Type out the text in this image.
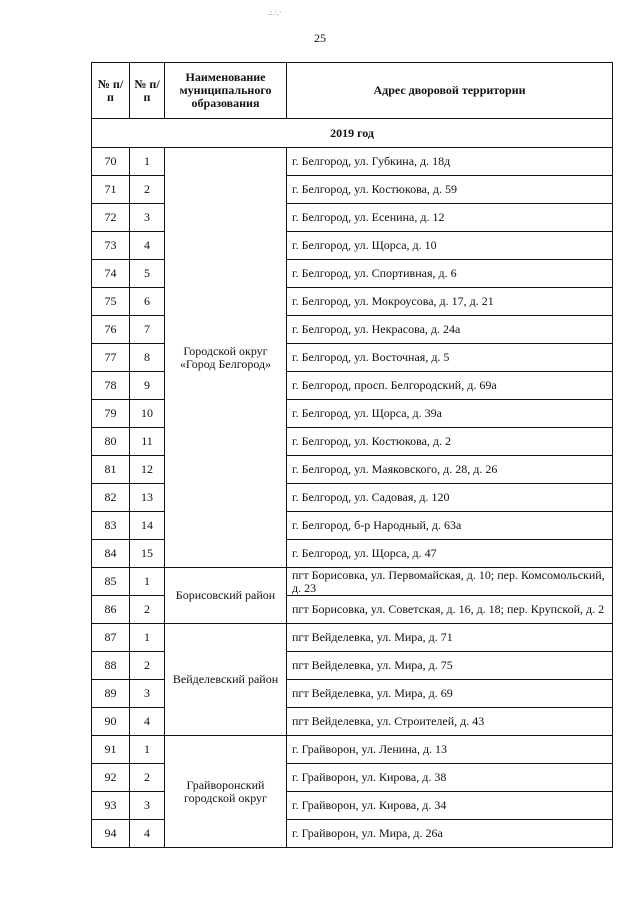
﻿.:.·.·
25
№ п/п	№ п/п	Наименование муниципального образования	Адрес дворовой территории
2019 год			
70	1	Городской округ «Город Белгород»	г. Белгород, ул. Губкина, д. 18д
71	2		г. Белгород, ул. Костюкова, д. 59
72	3		г. Белгород, ул. Есенина, д. 12
73	4		г. Белгород, ул. Щорса, д. 10
74	5		г. Белгород, ул. Спортивная, д. 6
75	6		г. Белгород, ул. Мокроусова, д. 17, д. 21
76	7		г. Белгород, ул. Некрасова, д. 24а
77	8		г. Белгород, ул. Восточная, д. 5
78	9		г. Белгород, просп. Белгородский, д. 69а
79	10		г. Белгород, ул. Щорса, д. 39а
80	11		г. Белгород, ул. Костюкова, д. 2
81	12		г. Белгород, ул. Маяковского, д. 28, д. 26
82	13		г. Белгород, ул. Садовая, д. 120
83	14		г. Белгород, б-р Народный, д. 63а
84	15		г. Белгород, ул. Щорса, д. 47
85	1	Борисовский район	пгт Борисовка, ул. Первомайская, д. 10; пер. Комсомольский, д. 23
86	2		пгт Борисовка, ул. Советская, д. 16, д. 18; пер. Крупской, д. 2
87	1	Вейделевский район	пгт Вейделевка, ул. Мира, д. 71
88	2		пгт Вейделевка, ул. Мира, д. 75
89	3		пгт Вейделевка, ул. Мира, д. 69
90	4		пгт Вейделевка, ул. Строителей, д. 43
91	1	Грайворонский городской округ	г. Грайворон, ул. Ленина, д. 13
92	2		г. Грайворон, ул. Кирова, д. 38
93	3		г. Грайворон, ул. Кирова, д. 34
94	4		г. Грайворон, ул. Мира, д. 26а
